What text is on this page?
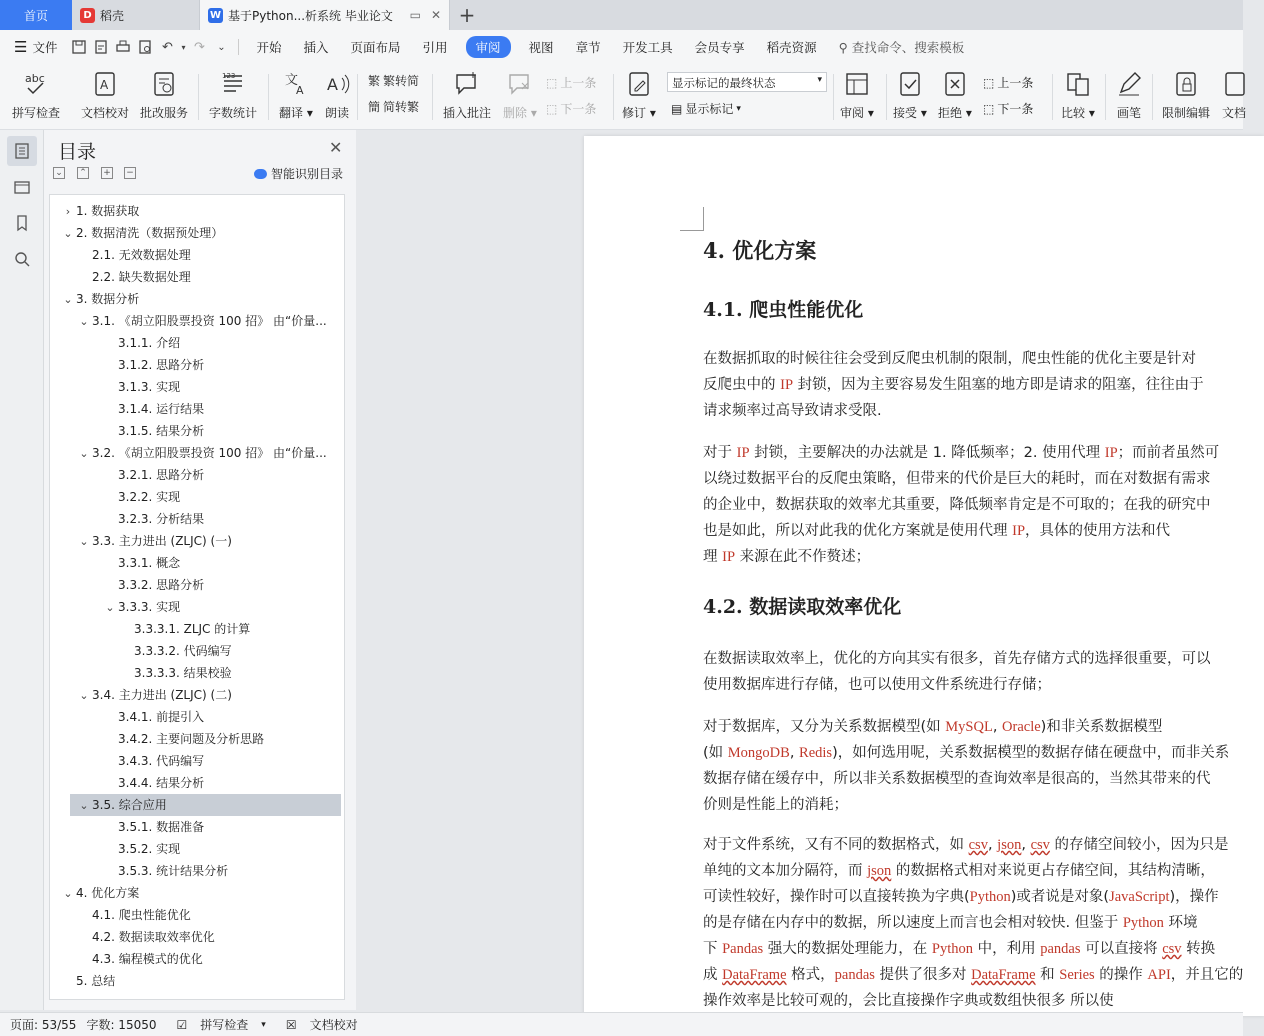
首页	D 稻壳	W 基于Python...析系统 毕业论文 ▭ ✕ +
☰ 文件	↶	▾ ↷	⌄	开始	插入	页面布局	引用	审阅	视图	章节	开发工具	会员专享	稻壳资源	⚲ 查找命令、搜索模板
abc
拼写检查
A
文档校对 批改服务
123
字数统计
文
A
翻译 ▾
A
朗读
繁 繁转简
簡 简转繁 插入批注 删除 ▾
⬚ 上一条
⬚ 下一条 修订 ▾
显示标记的最终状态	▾
▤ 显示标记 ▾	审阅 ▾ 接受 ▾ 拒绝 ▾
⬚ 上一条
⬚ 下一条 比较 ▾ 画笔 限制编辑 文档
目录	✕
⌄ ⌃ + −	智能识别目录
› 1. 数据获取
⌄ 2. 数据清洗（数据预处理）
2.1. 无效数据处理
2.2. 缺失数据处理
⌄ 3. 数据分析
⌄ 3.1. 《胡立阳股票投资 100 招》 由“价量...
3.1.1. 介绍
3.1.2. 思路分析
3.1.3. 实现
3.1.4. 运行结果
3.1.5. 结果分析
⌄ 3.2. 《胡立阳股票投资 100 招》 由“价量...
3.2.1. 思路分析
3.2.2. 实现
3.2.3. 分析结果
⌄ 3.3. 主力进出 (ZLJC) (一)
3.3.1. 概念
3.3.2. 思路分析
⌄ 3.3.3. 实现
3.3.3.1. ZLJC 的计算
3.3.3.2. 代码编写
3.3.3.3. 结果校验
⌄ 3.4. 主力进出 (ZLJC) (二)
3.4.1. 前提引入
3.4.2. 主要问题及分析思路
3.4.3. 代码编写
3.4.4. 结果分析
⌄ 3.5. 综合应用
3.5.1. 数据准备
3.5.2. 实现
3.5.3. 统计结果分析
⌄ 4. 优化方案
4.1. 爬虫性能优化
4.2. 数据读取效率优化
4.3. 编程模式的优化
5. 总结
4. 优化方案
4.1. 爬虫性能优化
在数据抓取的时候往往会受到反爬虫机制的限制，爬虫性能的优化主要是针对
反爬虫中的 IP 封锁，因为主要容易发生阻塞的地方即是请求的阻塞，往往由于
请求频率过高导致请求受限.
对于 IP 封锁，主要解决的办法就是 1. 降低频率；2. 使用代理 IP；而前者虽然可
以绕过数据平台的反爬虫策略，但带来的代价是巨大的耗时，而在对数据有需求
的企业中，数据获取的效率尤其重要，降低频率肯定是不可取的；在我的研究中
也是如此，所以对此我的优化方案就是使用代理 IP，具体的使用方法和代
理 IP 来源在此不作赘述；
4.2. 数据读取效率优化
在数据读取效率上，优化的方向其实有很多，首先存储方式的选择很重要，可以
使用数据库进行存储，也可以使用文件系统进行存储；
对于数据库，又分为关系数据模型(如 MySQL, Oracle)和非关系数据模型
(如 MongoDB, Redis)，如何选用呢，关系数据模型的数据存储在硬盘中，而非关系
数据存储在缓存中，所以非关系数据模型的查询效率是很高的，当然其带来的代
价则是性能上的消耗；
对于文件系统，又有不同的数据格式，如 csv, json, csv 的存储空间较小，因为只是
单纯的文本加分隔符，而 json 的数据格式相对来说更占存储空间，其结构清晰，
可读性较好，操作时可以直接转换为字典(Python)或者说是对象(JavaScript)，操作
的是存储在内存中的数据，所以速度上而言也会相对较快. 但鉴于 Python 环境
下 Pandas 强大的数据处理能力，在 Python 中，利用 pandas 可以直接将 csv 转换
成 DataFrame 格式，pandas 提供了很多对 DataFrame 和 Series 的操作 API，并且它的
操作效率是比较可观的，会比直接操作字典或数组快很多 所以使
页面: 53/55 字数: 15050 ☑ 拼写检查 ▾ ☒ 文档校对
